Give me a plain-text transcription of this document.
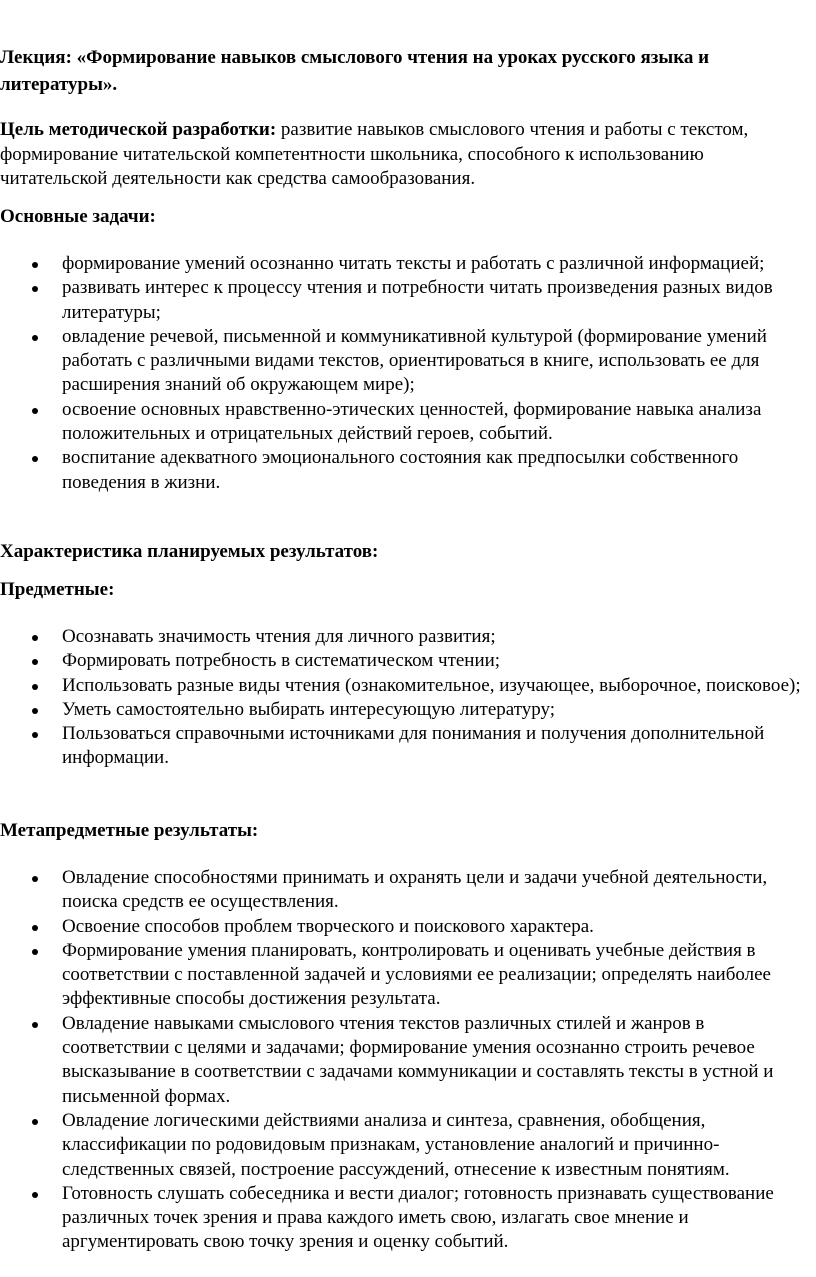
Лекция: «Формирование навыков смыслового чтения на уроках русского языка и литературы».

Цель методической разработки: развитие навыков смыслового чтения и работы с текстом, формирование читательской компетентности школьника, способного к использованию читательской деятельности как средства самообразования.

Основные задачи:

формирование умений осознанно читать тексты и работать с различной информацией;
развивать интерес к процессу чтения и потребности читать произведения разных видов литературы;
овладение речевой, письменной и коммуникативной культурой (формирование умений работать с различными видами текстов, ориентироваться в книге, использовать ее для расширения знаний об окружающем мире);
освоение основных нравственно-этических ценностей, формирование навыка анализа положительных и отрицательных действий героев, событий.
воспитание адекватного эмоционального состояния как предпосылки собственного поведения в жизни.

Характеристика планируемых результатов:

Предметные:

Осознавать значимость чтения для личного развития;
Формировать потребность в систематическом чтении;
Использовать разные виды чтения (ознакомительное, изучающее, выборочное, поисковое);
Уметь самостоятельно выбирать интересующую литературу;
Пользоваться справочными источниками для понимания и получения дополнительной информации.

Метапредметные результаты:

Овладение способностями принимать и охранять цели и задачи учебной деятельности, поиска средств ее осуществления.
Освоение способов проблем творческого и поискового характера.
Формирование умения планировать, контролировать и оценивать учебные действия в соответствии с поставленной задачей и условиями ее реализации; определять наиболее эффективные способы достижения результата.
Овладение навыками смыслового чтения текстов различных стилей и жанров в соответствии с целями и задачами; формирование умения осознанно строить речевое высказывание в соответствии с задачами коммуникации и составлять тексты в устной и письменной формах.
Овладение логическими действиями анализа и синтеза, сравнения, обобщения, классификации по родовидовым признакам, установление аналогий и причинно-следственных связей, построение рассуждений, отнесение к известным понятиям.
Готовность слушать собеседника и вести диалог; готовность признавать существование различных точек зрения и права каждого иметь свою, излагать свое мнение и аргументировать свою точку зрения и оценку событий.
